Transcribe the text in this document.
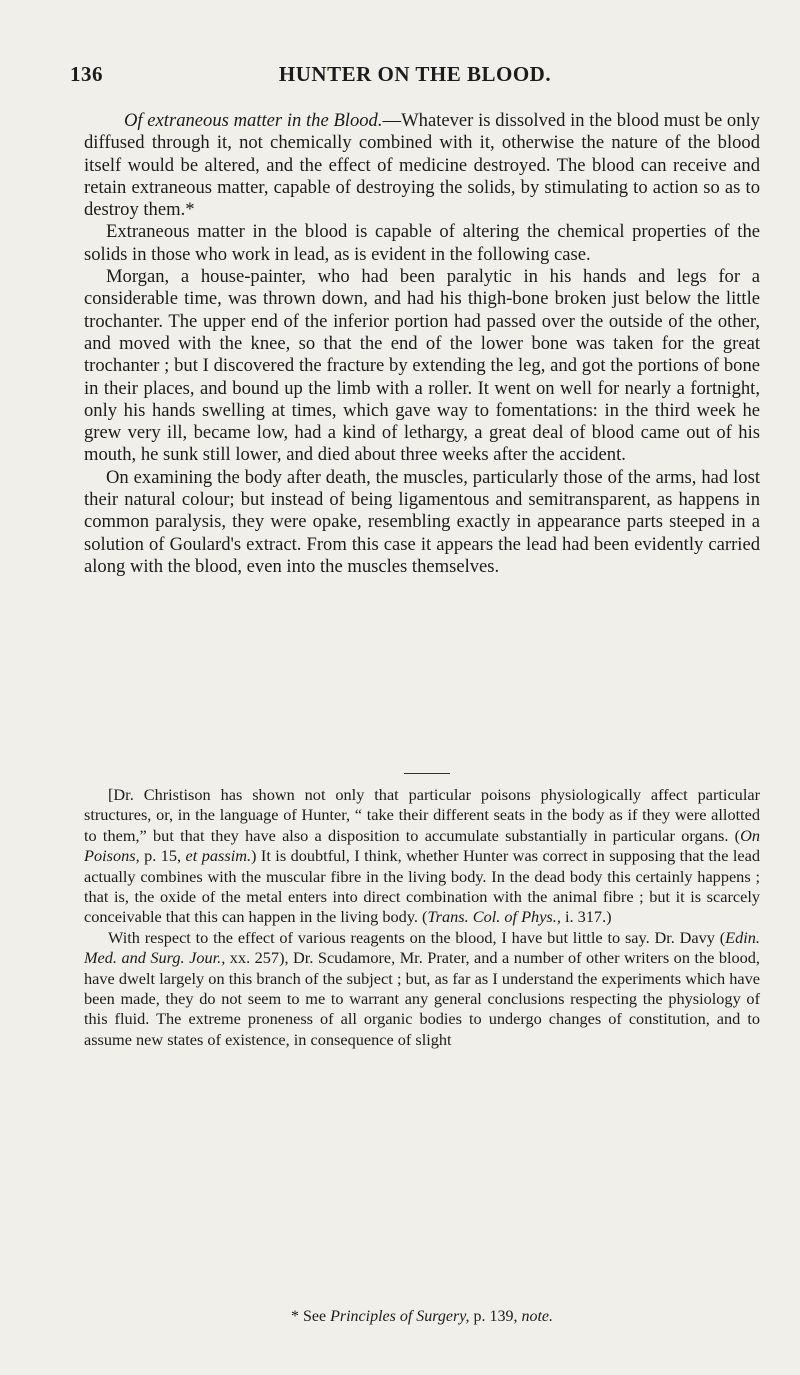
136	HUNTER ON THE BLOOD.

Of extraneous matter in the Blood.—Whatever is dissolved in the blood must be only diffused through it, not chemically combined with it, otherwise the nature of the blood itself would be altered, and the effect of medicine destroyed. The blood can receive and retain extraneous matter, capable of destroying the solids, by stimulating to action so as to destroy them.*

Extraneous matter in the blood is capable of altering the chemical properties of the solids in those who work in lead, as is evident in the following case.

Morgan, a house-painter, who had been paralytic in his hands and legs for a considerable time, was thrown down, and had his thigh-bone broken just below the little trochanter. The upper end of the inferior portion had passed over the outside of the other, and moved with the knee, so that the end of the lower bone was taken for the great trochanter ; but I discovered the fracture by extending the leg, and got the portions of bone in their places, and bound up the limb with a roller. It went on well for nearly a fortnight, only his hands swelling at times, which gave way to fomentations: in the third week he grew very ill, became low, had a kind of lethargy, a great deal of blood came out of his mouth, he sunk still lower, and died about three weeks after the accident.

On examining the body after death, the muscles, particularly those of the arms, had lost their natural colour; but instead of being ligamentous and semitransparent, as happens in common paralysis, they were opake, resembling exactly in appearance parts steeped in a solution of Goulard's extract. From this case it appears the lead had been evidently carried along with the blood, even into the muscles themselves.

[Dr. Christison has shown not only that particular poisons physiologically affect particular structures, or, in the language of Hunter, “ take their different seats in the body as if they were allotted to them,” but that they have also a disposition to accumulate substantially in particular organs. (On Poisons, p. 15, et passim.) It is doubtful, I think, whether Hunter was correct in supposing that the lead actually combines with the muscular fibre in the living body. In the dead body this certainly happens ; that is, the oxide of the metal enters into direct combination with the animal fibre ; but it is scarcely conceivable that this can happen in the living body. (Trans. Col. of Phys., i. 317.)

With respect to the effect of various reagents on the blood, I have but little to say. Dr. Davy (Edin. Med. and Surg. Jour., xx. 257), Dr. Scudamore, Mr. Prater, and a number of other writers on the blood, have dwelt largely on this branch of the subject ; but, as far as I understand the experiments which have been made, they do not seem to me to warrant any general conclusions respecting the physiology of this fluid. The extreme proneness of all organic bodies to undergo changes of constitution, and to assume new states of existence, in consequence of slight

* See Principles of Surgery, p. 139, note.
